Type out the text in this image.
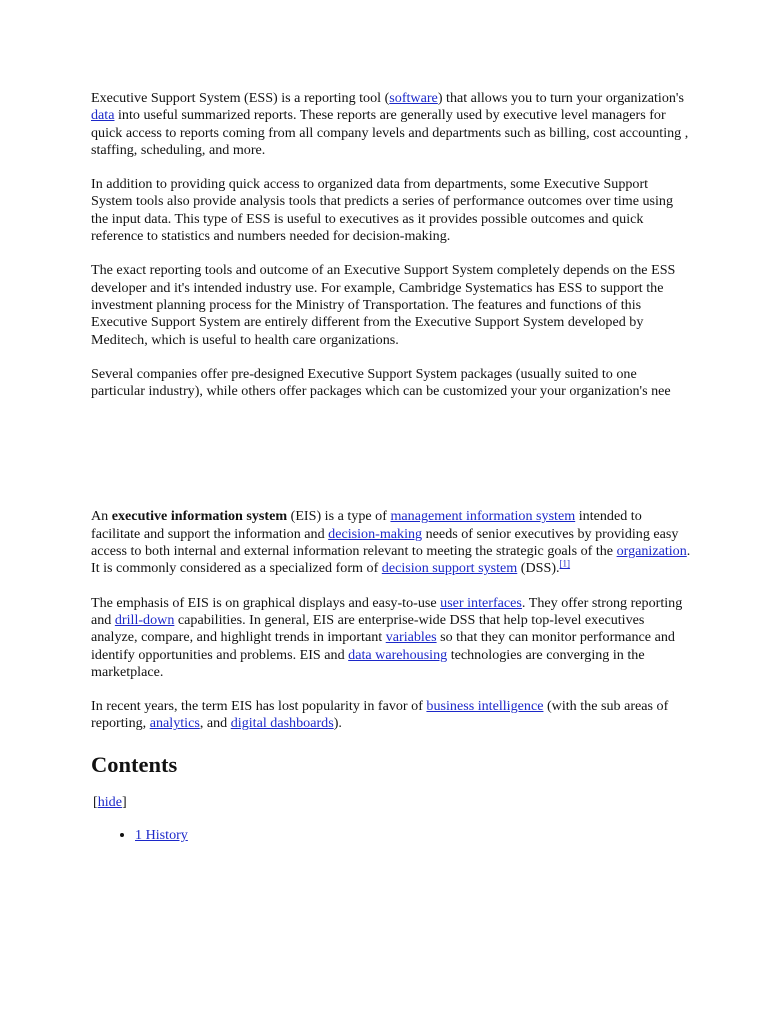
Executive Support System (ESS) is a reporting tool (software) that allows you to turn your organization's data into useful summarized reports. These reports are generally used by executive level managers for quick access to reports coming from all company levels and departments such as billing, cost accounting , staffing, scheduling, and more.

In addition to providing quick access to organized data from departments, some Executive Support System tools also provide analysis tools that predicts a series of performance outcomes over time using the input data. This type of ESS is useful to executives as it provides possible outcomes and quick reference to statistics and numbers needed for decision-making.

The exact reporting tools and outcome of an Executive Support System completely depends on the ESS developer and it's intended industry use. For example, Cambridge Systematics has ESS to support the investment planning process for the Ministry of Transportation. The features and functions of this Executive Support System are entirely different from the Executive Support System developed by Meditech, which is useful to health care organizations.

Several companies offer pre-designed Executive Support System packages (usually suited to one particular industry), while others offer packages which can be customized your your organization's nee

An executive information system (EIS) is a type of management information system intended to facilitate and support the information and decision-making needs of senior executives by providing easy access to both internal and external information relevant to meeting the strategic goals of the organization. It is commonly considered as a specialized form of decision support system (DSS).[1]

The emphasis of EIS is on graphical displays and easy-to-use user interfaces. They offer strong reporting and drill-down capabilities. In general, EIS are enterprise-wide DSS that help top-level executives analyze, compare, and highlight trends in important variables so that they can monitor performance and identify opportunities and problems. EIS and data warehousing technologies are converging in the marketplace.

In recent years, the term EIS has lost popularity in favor of business intelligence (with the sub areas of reporting, analytics, and digital dashboards).

Contents
[hide]
• 1 History
